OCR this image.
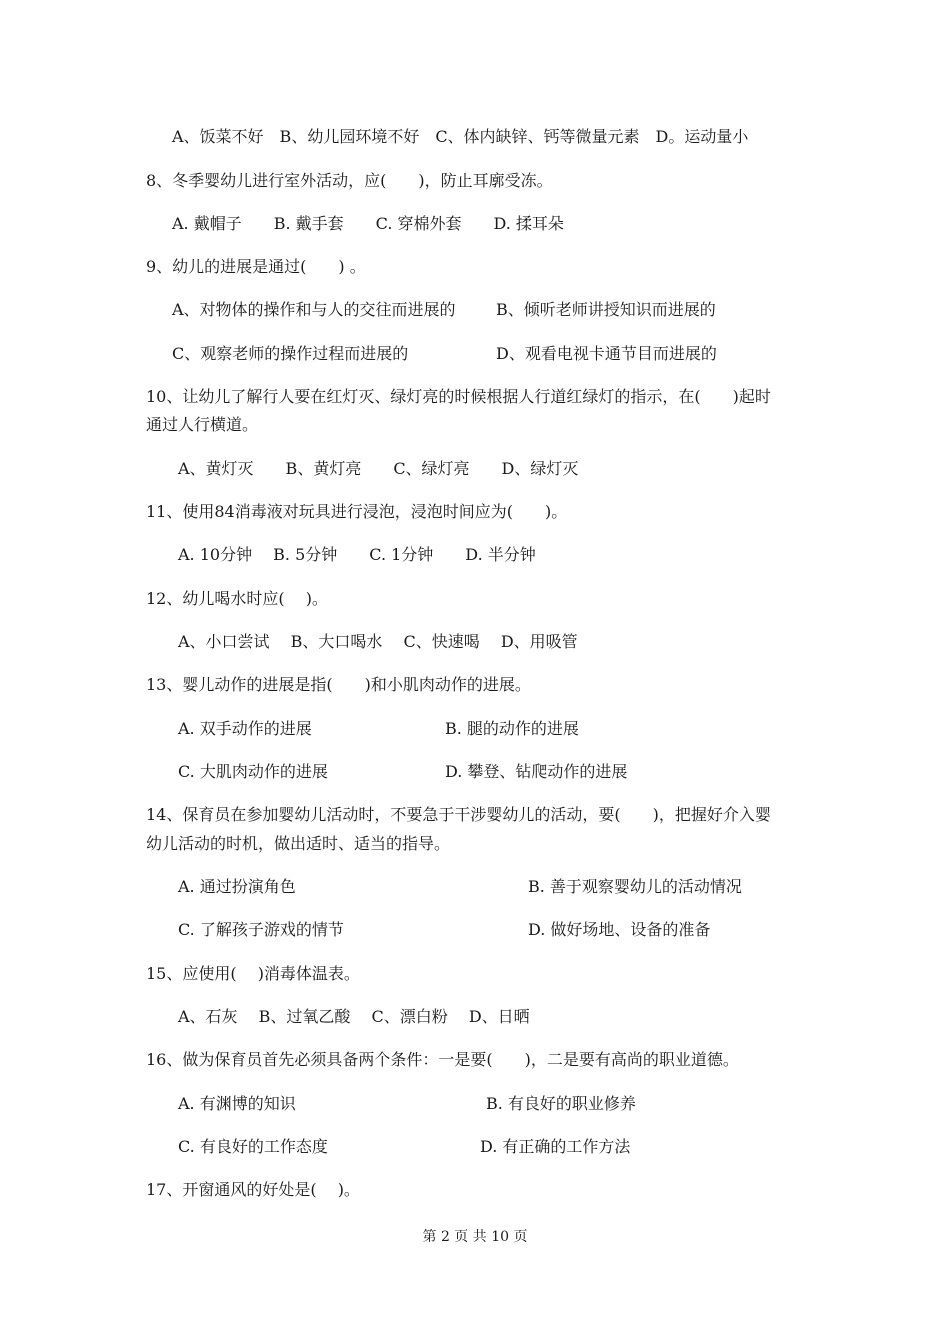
A、饭菜不好　B、幼儿园环境不好　C、体内缺锌、钙等微量元素　D。运动量小
8、冬季婴幼儿进行室外活动，应(　　)，防止耳廓受冻。
A. 戴帽子　　B. 戴手套　　C. 穿棉外套　　D. 揉耳朵
9、幼儿的进展是通过(　　) 。
A、对物体的操作和与人的交往而进展的	B、倾听老师讲授知识而进展的
C、观察老师的操作过程而进展的	D、观看电视卡通节目而进展的
10、让幼儿了解行人要在红灯灭、绿灯亮的时候根据人行道红绿灯的指示，在(　　)起时
通过人行横道。
A、黄灯灭　　B、黄灯亮　　C、绿灯亮　　D、绿灯灭
11、使用84消毒液对玩具进行浸泡，浸泡时间应为(　　)。
A. 10分钟　 B. 5分钟　　C. 1分钟　　D. 半分钟
12、幼儿喝水时应(　 )。
A、小口尝试　 B、大口喝水　 C、快速喝　 D、用吸管
13、婴儿动作的进展是指(　　)和小肌肉动作的进展。
A. 双手动作的进展	B. 腿的动作的进展
C. 大肌肉动作的进展	D. 攀登、钻爬动作的进展
14、保育员在参加婴幼儿活动时，不要急于干涉婴幼儿的活动，要(　　)，把握好介入婴
幼儿活动的时机，做出适时、适当的指导。
A. 通过扮演角色	B. 善于观察婴幼儿的活动情况
C. 了解孩子游戏的情节	D. 做好场地、设备的准备
15、应使用(　 )消毒体温表。
A、石灰　 B、过氧乙酸　 C、漂白粉　 D、日晒
16、做为保育员首先必须具备两个条件：一是要(　　)，二是要有高尚的职业道德。
A. 有渊博的知识	B. 有良好的职业修养
C. 有良好的工作态度	D. 有正确的工作方法
17、开窗通风的好处是(　 )。
第 2 页 共 10 页
